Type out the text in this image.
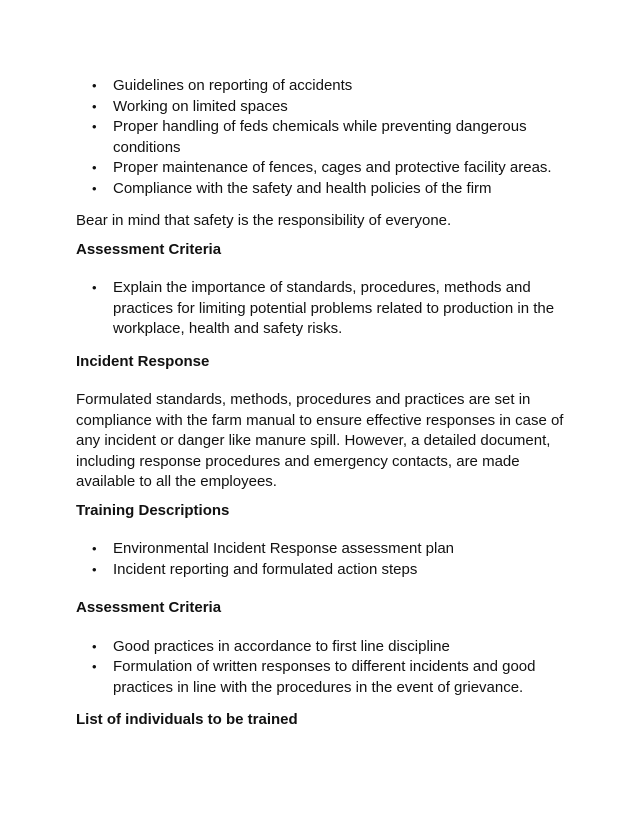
• Guidelines on reporting of accidents
• Working on limited spaces
• Proper handling of feds chemicals while preventing dangerous conditions
• Proper maintenance of fences, cages and protective facility areas.
• Compliance with the safety and health policies of the firm
Bear in mind that safety is the responsibility of everyone.
Assessment Criteria
• Explain the importance of standards, procedures, methods and practices for limiting potential problems related to production in the workplace, health and safety risks.
Incident Response
Formulated standards, methods, procedures and practices are set in compliance with the farm manual to ensure effective responses in case of any incident or danger like manure spill. However, a detailed document, including response procedures and emergency contacts, are made available to all the employees.
Training Descriptions
• Environmental Incident Response assessment plan
• Incident reporting and formulated action steps
Assessment Criteria
• Good practices in accordance to first line discipline
• Formulation of written responses to different incidents and good practices in line with the procedures in the event of grievance.
List of individuals to be trained
